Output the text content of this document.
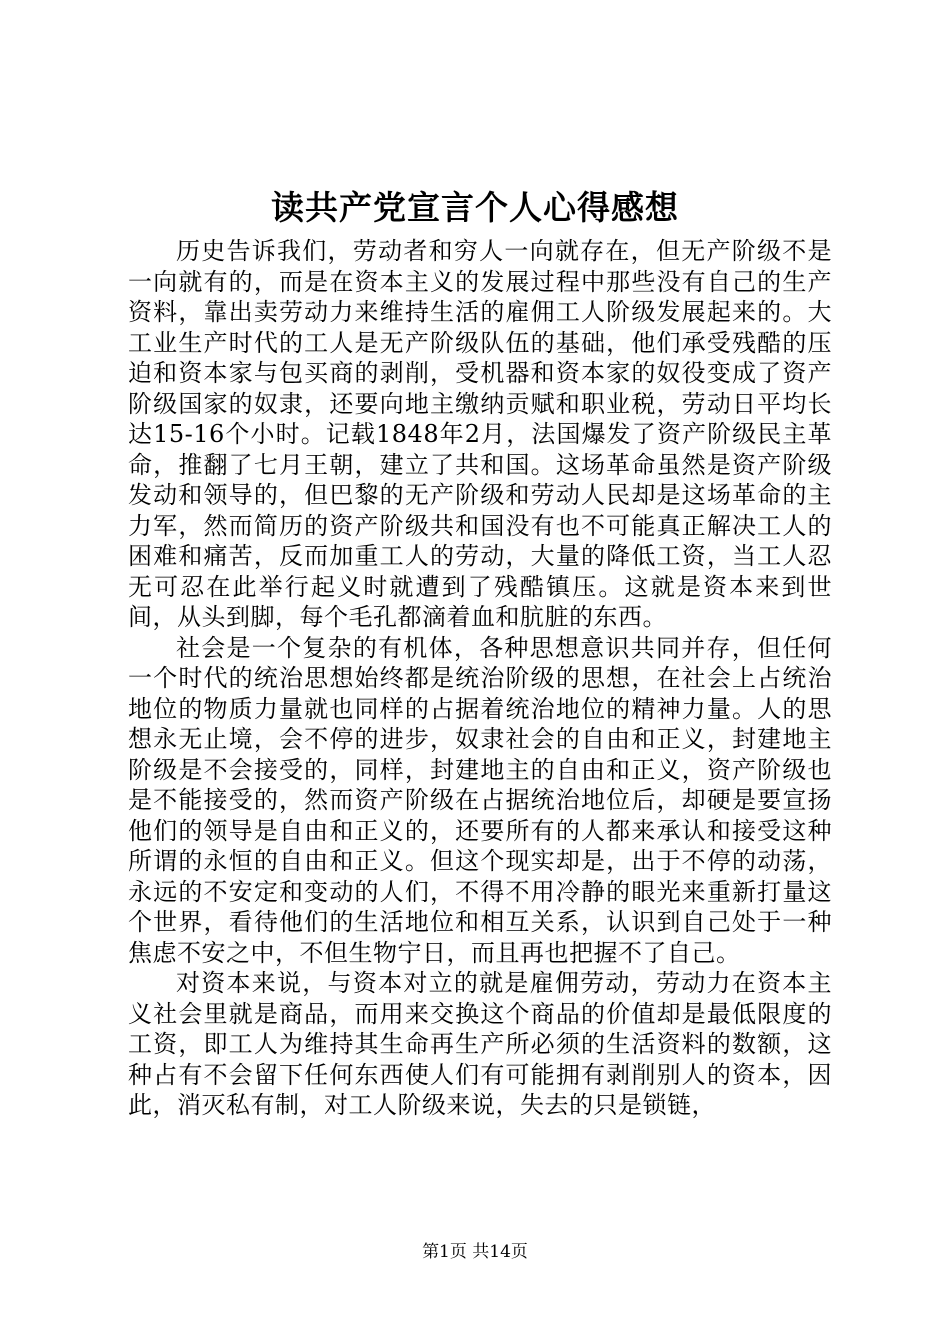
读共产党宣言个人心得感想

历史告诉我们，劳动者和穷人一向就存在，但无产阶级不是一向就有的，而是在资本主义的发展过程中那些没有自己的生产资料，靠出卖劳动力来维持生活的雇佣工人阶级发展起来的。大工业生产时代的工人是无产阶级队伍的基础，他们承受残酷的压迫和资本家与包买商的剥削，受机器和资本家的奴役变成了资产阶级国家的奴隶，还要向地主缴纳贡赋和职业税，劳动日平均长达15-16个小时。记载1848年2月，法国爆发了资产阶级民主革命，推翻了七月王朝，建立了共和国。这场革命虽然是资产阶级发动和领导的，但巴黎的无产阶级和劳动人民却是这场革命的主力军，然而简历的资产阶级共和国没有也不可能真正解决工人的困难和痛苦，反而加重工人的劳动，大量的降低工资，当工人忍无可忍在此举行起义时就遭到了残酷镇压。这就是资本来到世间，从头到脚，每个毛孔都滴着血和肮脏的东西。

社会是一个复杂的有机体，各种思想意识共同并存，但任何一个时代的统治思想始终都是统治阶级的思想，在社会上占统治地位的物质力量就也同样的占据着统治地位的精神力量。人的思想永无止境，会不停的进步，奴隶社会的自由和正义，封建地主阶级是不会接受的，同样，封建地主的自由和正义，资产阶级也是不能接受的，然而资产阶级在占据统治地位后，却硬是要宣扬他们的领导是自由和正义的，还要所有的人都来承认和接受这种所谓的永恒的自由和正义。但这个现实却是，出于不停的动荡，永远的不安定和变动的人们，不得不用冷静的眼光来重新打量这个世界，看待他们的生活地位和相互关系，认识到自己处于一种焦虑不安之中，不但生物宁日，而且再也把握不了自己。

对资本来说，与资本对立的就是雇佣劳动，劳动力在资本主义社会里就是商品，而用来交换这个商品的价值却是最低限度的工资，即工人为维持其生命再生产所必须的生活资料的数额，这种占有不会留下任何东西使人们有可能拥有剥削别人的资本，因此，消灭私有制，对工人阶级来说，失去的只是锁链，

第1页 共14页
